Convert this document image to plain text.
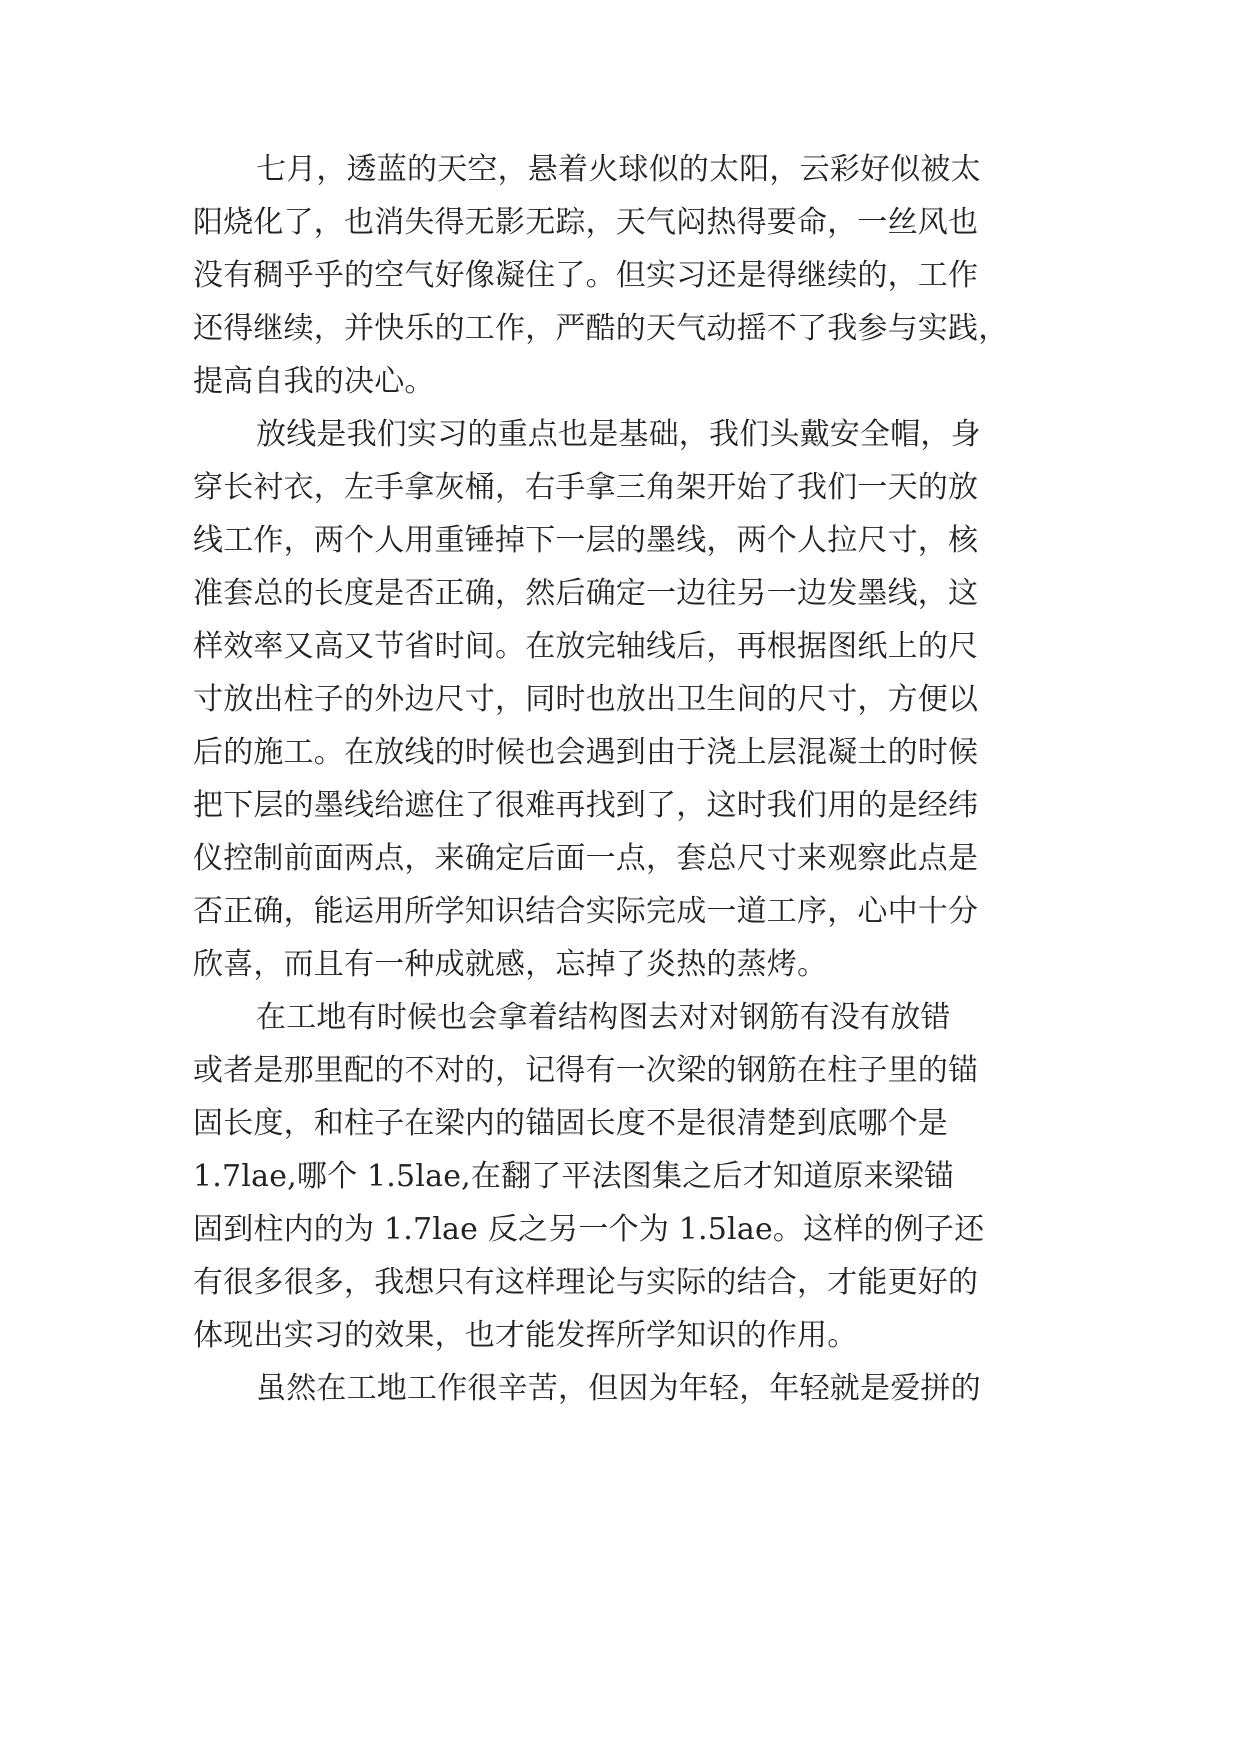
七月，透蓝的天空，悬着火球似的太阳，云彩好似被太
阳烧化了，也消失得无影无踪，天气闷热得要命，一丝风也
没有稠乎乎的空气好像凝住了。但实习还是得继续的，工作
还得继续，并快乐的工作，严酷的天气动摇不了我参与实践，
提高自我的决心。
放线是我们实习的重点也是基础，我们头戴安全帽，身
穿长衬衣，左手拿灰桶，右手拿三角架开始了我们一天的放
线工作，两个人用重锤掉下一层的墨线，两个人拉尺寸，核
准套总的长度是否正确，然后确定一边往另一边发墨线，这
样效率又高又节省时间。在放完轴线后，再根据图纸上的尺
寸放出柱子的外边尺寸，同时也放出卫生间的尺寸，方便以
后的施工。在放线的时候也会遇到由于浇上层混凝土的时候
把下层的墨线给遮住了很难再找到了，这时我们用的是经纬
仪控制前面两点，来确定后面一点，套总尺寸来观察此点是
否正确，能运用所学知识结合实际完成一道工序，心中十分
欣喜，而且有一种成就感，忘掉了炎热的蒸烤。
在工地有时候也会拿着结构图去对对钢筋有没有放错
或者是那里配的不对的，记得有一次梁的钢筋在柱子里的锚
固长度，和柱子在梁内的锚固长度不是很清楚到底哪个是
1.7lae,哪个 1.5lae,在翻了平法图集之后才知道原来梁锚
固到柱内的为 1.7lae 反之另一个为 1.5lae。这样的例子还
有很多很多，我想只有这样理论与实际的结合，才能更好的
体现出实习的效果，也才能发挥所学知识的作用。
虽然在工地工作很辛苦，但因为年轻，年轻就是爱拼的
